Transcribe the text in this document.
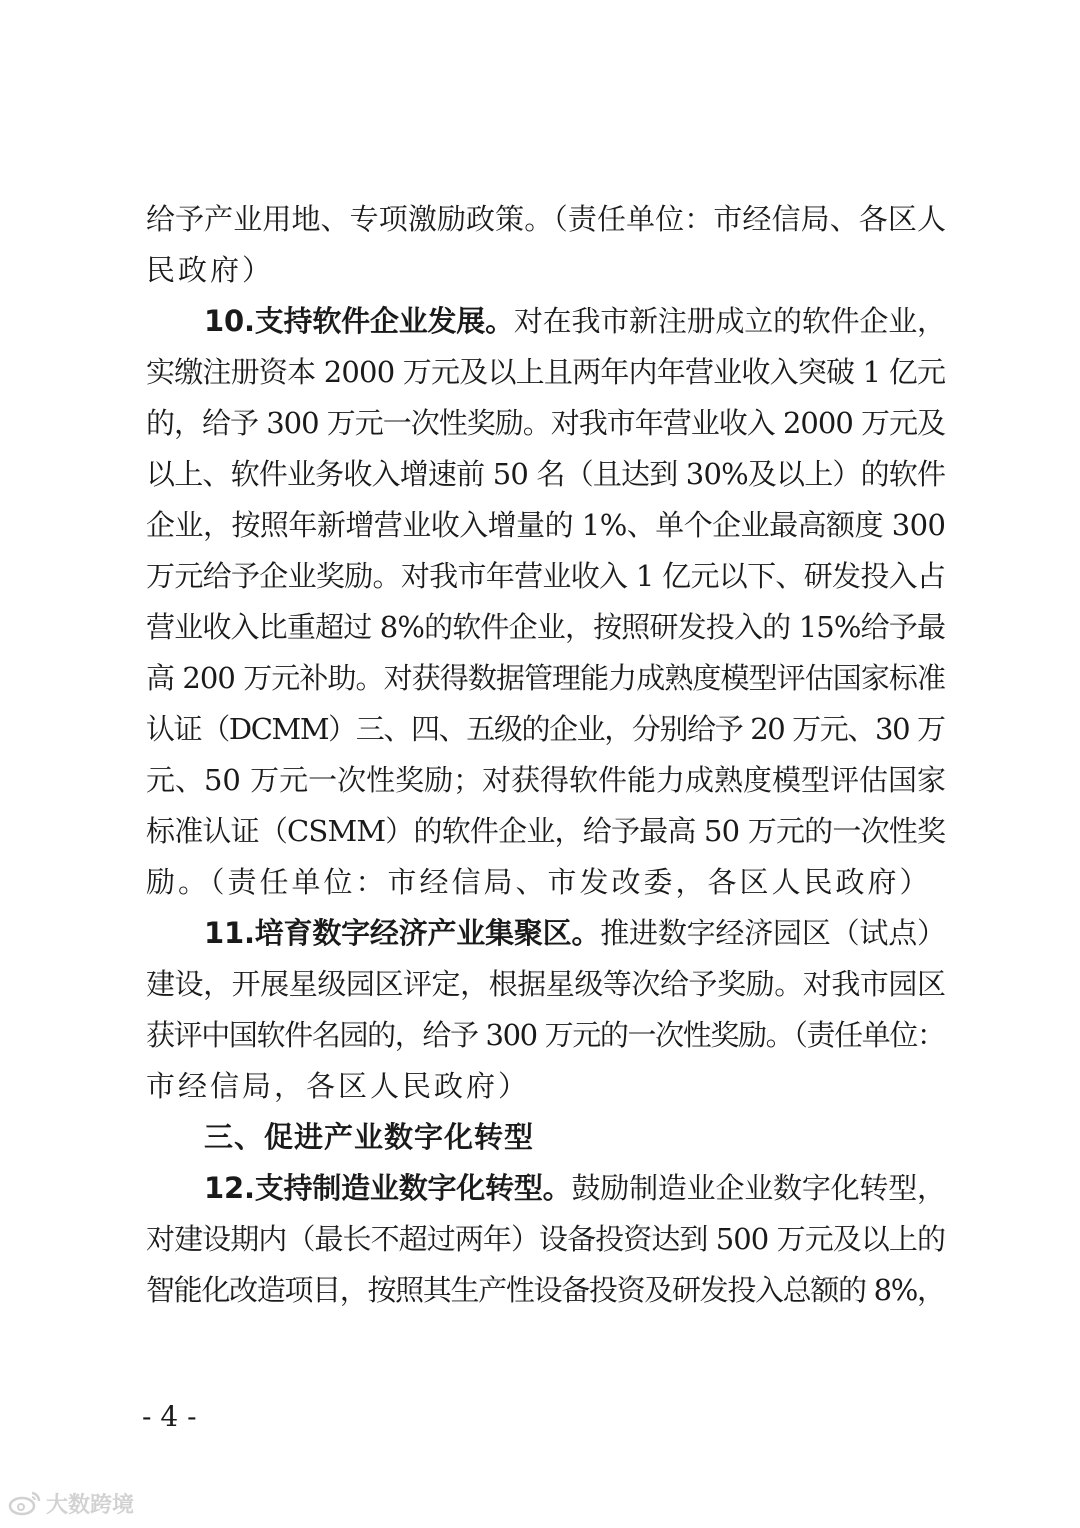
给予产业用地、专项激励政策。（责任单位：市经信局、各区人
民政府）
10.支持软件企业发展。对在我市新注册成立的软件企业，
实缴注册资本 2000 万元及以上且两年内年营业收入突破 1 亿元
的，给予 300 万元一次性奖励。对我市年营业收入 2000 万元及
以上、软件业务收入增速前 50 名（且达到 30%及以上）的软件
企业，按照年新增营业收入增量的 1%、单个企业最高额度 300
万元给予企业奖励。对我市年营业收入 1 亿元以下、研发投入占
营业收入比重超过 8%的软件企业，按照研发投入的 15%给予最
高 200 万元补助。对获得数据管理能力成熟度模型评估国家标准
认证（DCMM）三、四、五级的企业，分别给予 20 万元、30 万
元、50 万元一次性奖励；对获得软件能力成熟度模型评估国家
标准认证（CSMM）的软件企业，给予最高 50 万元的一次性奖
励。（责任单位：市经信局、市发改委，各区人民政府）
11.培育数字经济产业集聚区。推进数字经济园区（试点）
建设，开展星级园区评定，根据星级等次给予奖励。对我市园区
获评中国软件名园的，给予 300 万元的一次性奖励。（责任单位：
市经信局，各区人民政府）
三、促进产业数字化转型
12.支持制造业数字化转型。鼓励制造业企业数字化转型，
对建设期内（最长不超过两年）设备投资达到 500 万元及以上的
智能化改造项目，按照其生产性设备投资及研发投入总额的 8%，
- 4 -
大数跨境
